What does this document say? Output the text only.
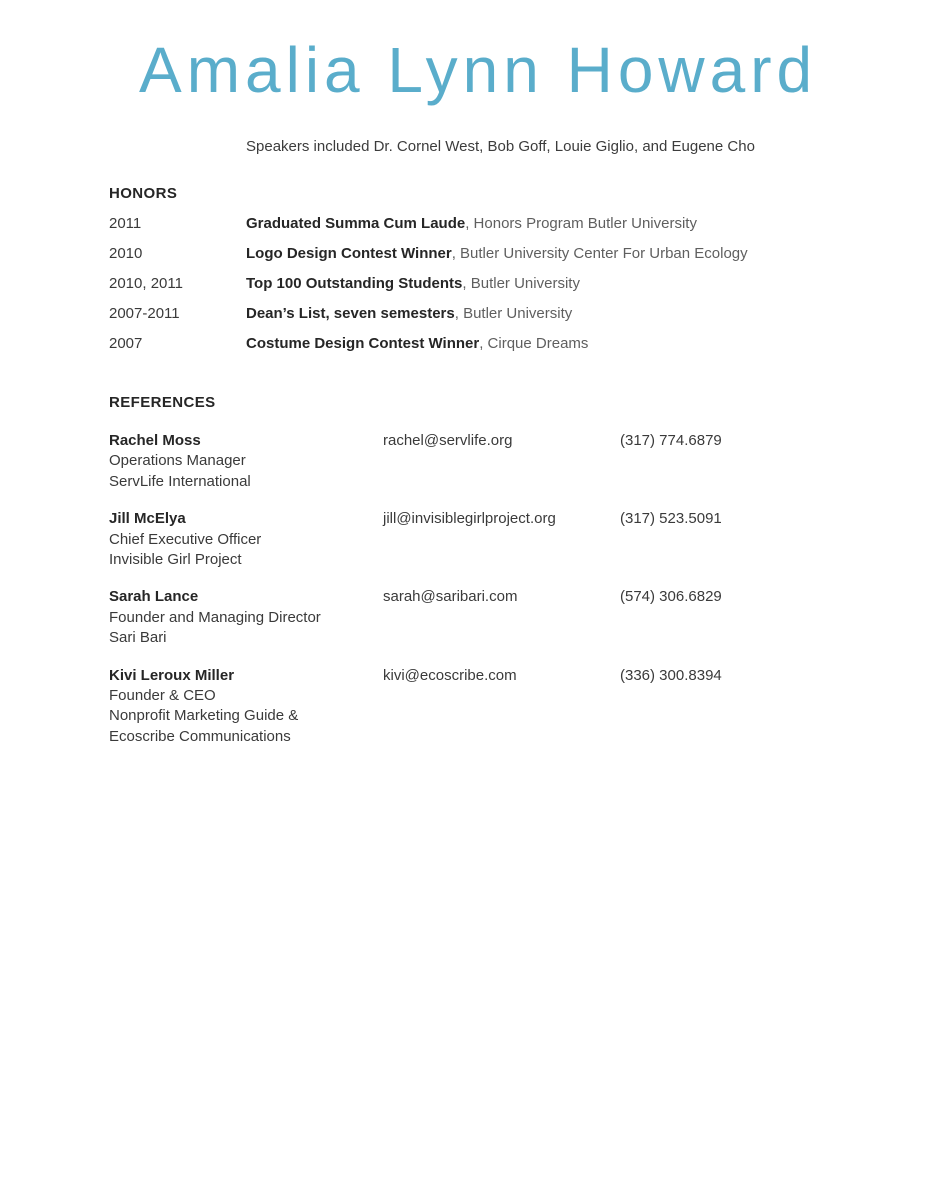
Amalia Lynn Howard
Speakers included Dr. Cornel West, Bob Goff, Louie Giglio, and Eugene Cho
HONORS
2011	Graduated Summa Cum Laude, Honors Program Butler University
2010	Logo Design Contest Winner, Butler University Center For Urban Ecology
2010, 2011	Top 100 Outstanding Students, Butler University
2007-2011	Dean’s List, seven semesters, Butler University
2007	Costume Design Contest Winner, Cirque Dreams
REFERENCES
Rachel Moss
Operations Manager
ServLife International
rachel@servlife.org	(317) 774.6879
Jill McElya
Chief Executive Officer
Invisible Girl Project
jill@invisiblegirlproject.org	(317) 523.5091
Sarah Lance
Founder and Managing Director
Sari Bari
sarah@saribari.com	(574) 306.6829
Kivi Leroux Miller
Founder & CEO
Nonprofit Marketing Guide &
Ecoscribe Communications
kivi@ecoscribe.com	(336) 300.8394
